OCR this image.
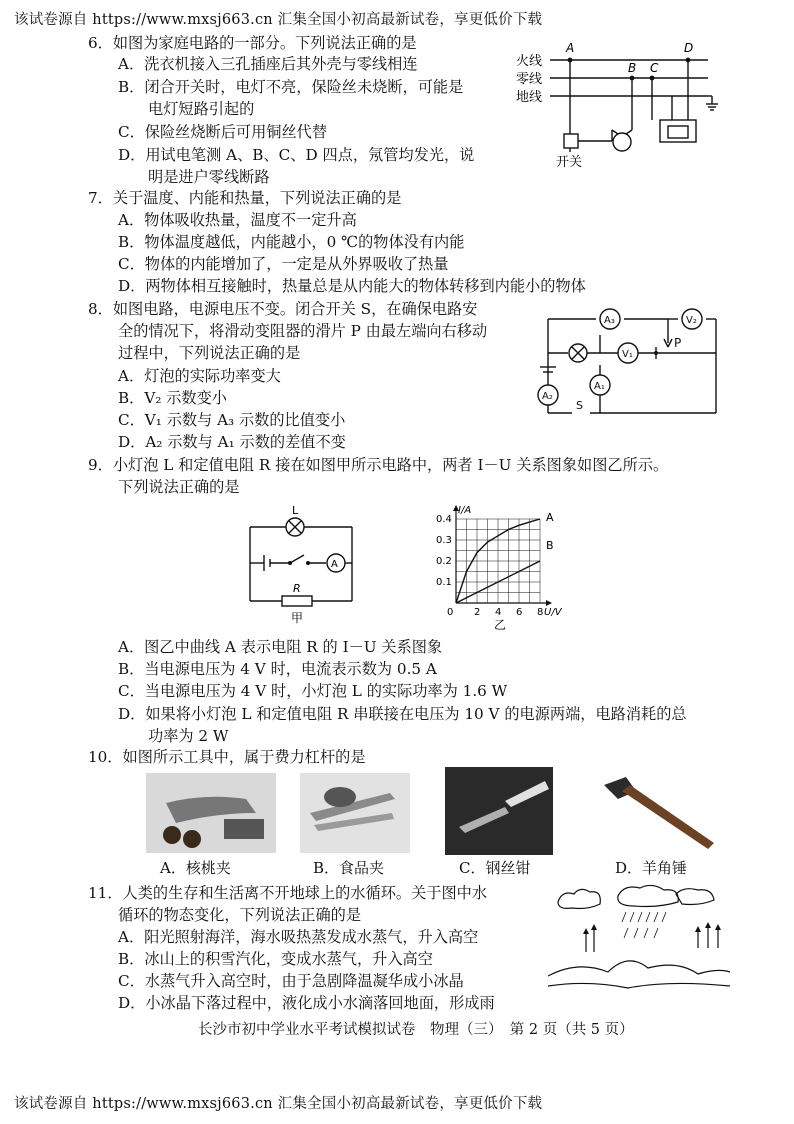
该试卷源自 https://www.mxsj663.cn 汇集全国小初高最新试卷，享更低价下载
6．如图为家庭电路的一部分。下列说法正确的是
A．洗衣机接入三孔插座后其外壳与零线相连
B．闭合开关时，电灯不亮，保险丝未烧断，可能是
电灯短路引起的
C．保险丝烧断后可用铜丝代替
D．用试电笔测 A、B、C、D 四点，氖管均发光，说
明是进户零线断路
火线
零线
地线
A
B C
D
开关
7．关于温度、内能和热量，下列说法正确的是
A．物体吸收热量，温度不一定升高
B．物体温度越低，内能越小，0 ℃的物体没有内能
C．物体的内能增加了，一定是从外界吸收了热量
D．两物体相互接触时，热量总是从内能大的物体转移到内能小的物体
8．如图电路，电源电压不变。闭合开关 S，在确保电路安
全的情况下，将滑动变阻器的滑片 P 由最左端向右移动
过程中，下列说法正确的是
A．灯泡的实际功率变大
B．V₂ 示数变小
C．V₁ 示数与 A₃ 示数的比值变小
D．A₂ 示数与 A₁ 示数的差值不变
A₃	V₂
V₁
A₁
A₂
P
S
9．小灯泡 L 和定值电阻 R 接在如图甲所示电路中，两者 I－U 关系图象如图乙所示。
下列说法正确的是
L
A
R
甲
A
B
0 2 4 6 8
0.1
0.2
0.3
0.4
I/A
U/V
乙
A．图乙中曲线 A 表示电阻 R 的 I－U 关系图象
B．当电源电压为 4 V 时，电流表示数为 0.5 A
C．当电源电压为 4 V 时，小灯泡 L 的实际功率为 1.6 W
D．如果将小灯泡 L 和定值电阻 R 串联接在电压为 10 V 的电源两端，电路消耗的总
功率为 2 W
10．如图所示工具中，属于费力杠杆的是
A．核桃夹	B．食品夹	C．钢丝钳	D．羊角锤
11．人类的生存和生活离不开地球上的水循环。关于图中水
循环的物态变化，下列说法正确的是
A．阳光照射海洋，海水吸热蒸发成水蒸气，升入高空
B．冰山上的积雪汽化，变成水蒸气，升入高空
C．水蒸气升入高空时，由于急剧降温凝华成小冰晶
D．小冰晶下落过程中，液化成小水滴落回地面，形成雨
长沙市初中学业水平考试模拟试卷　物理（三）　第 2 页（共 5 页）
该试卷源自 https://www.mxsj663.cn 汇集全国小初高最新试卷，享更低价下载
